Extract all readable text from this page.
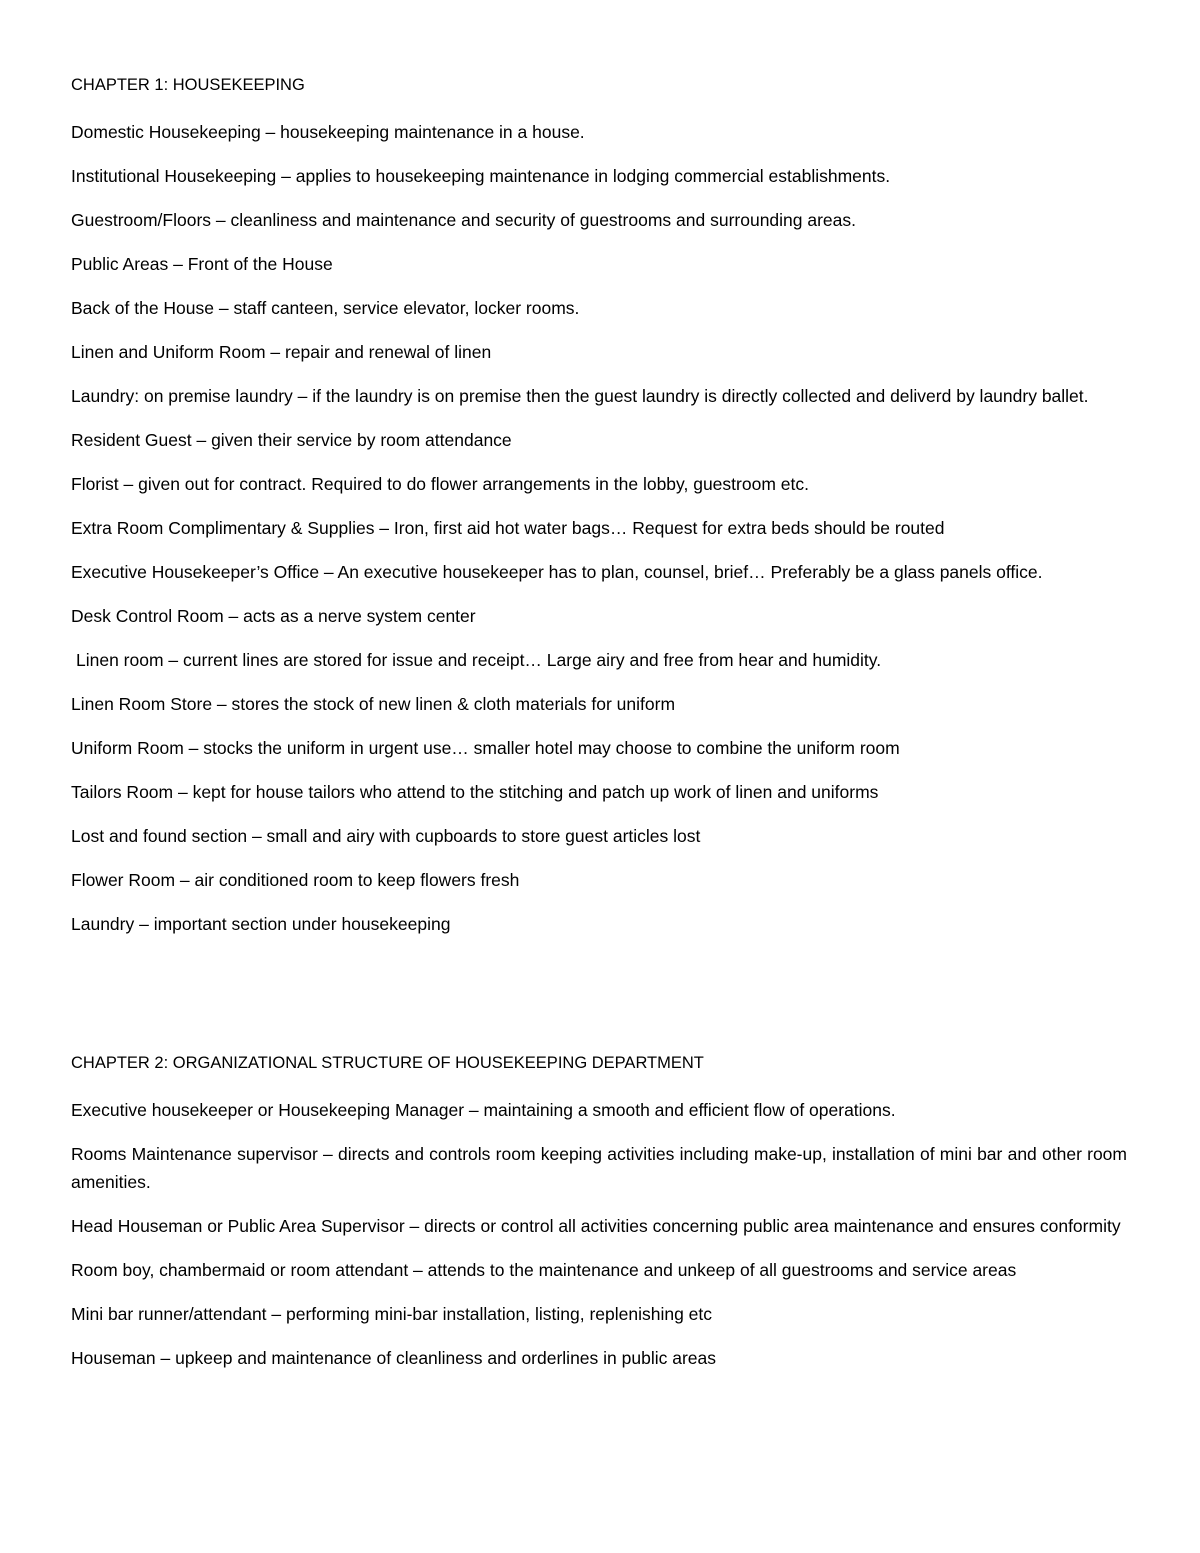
CHAPTER 1: HOUSEKEEPING

Domestic Housekeeping – housekeeping maintenance in a house.

Institutional Housekeeping – applies to housekeeping maintenance in lodging commercial establishments.

Guestroom/Floors – cleanliness and maintenance and security of guestrooms and surrounding areas.

Public Areas – Front of the House

Back of the House – staff canteen, service elevator, locker rooms.

Linen and Uniform Room – repair and renewal of linen

Laundry: on premise laundry – if the laundry is on premise then the guest laundry is directly collected and deliverd by laundry ballet.

Resident Guest – given their service by room attendance

Florist – given out for contract. Required to do flower arrangements in the lobby, guestroom etc.

Extra Room Complimentary & Supplies – Iron, first aid hot water bags… Request for extra beds should be routed

Executive Housekeeper’s Office – An executive housekeeper has to plan, counsel, brief… Preferably be a glass panels office.

Desk Control Room – acts as a nerve system center

Linen room – current lines are stored for issue and receipt… Large airy and free from hear and humidity.

Linen Room Store – stores the stock of new linen & cloth materials for uniform

Uniform Room – stocks the uniform in urgent use… smaller hotel may choose to combine the uniform room

Tailors Room – kept for house tailors who attend to the stitching and patch up work of linen and uniforms

Lost and found section – small and airy with cupboards to store guest articles lost

Flower Room – air conditioned room to keep flowers fresh

Laundry – important section under housekeeping

CHAPTER 2: ORGANIZATIONAL STRUCTURE OF HOUSEKEEPING DEPARTMENT

Executive housekeeper or Housekeeping Manager – maintaining a smooth and efficient flow of operations.

Rooms Maintenance supervisor – directs and controls room keeping activities including make-up, installation of mini bar and other room amenities.

Head Houseman or Public Area Supervisor – directs or control all activities concerning public area maintenance and ensures conformity

Room boy, chambermaid or room attendant – attends to the maintenance and unkeep of all guestrooms and service areas

Mini bar runner/attendant – performing mini-bar installation, listing, replenishing etc

Houseman – upkeep and maintenance of cleanliness and orderlines in public areas
